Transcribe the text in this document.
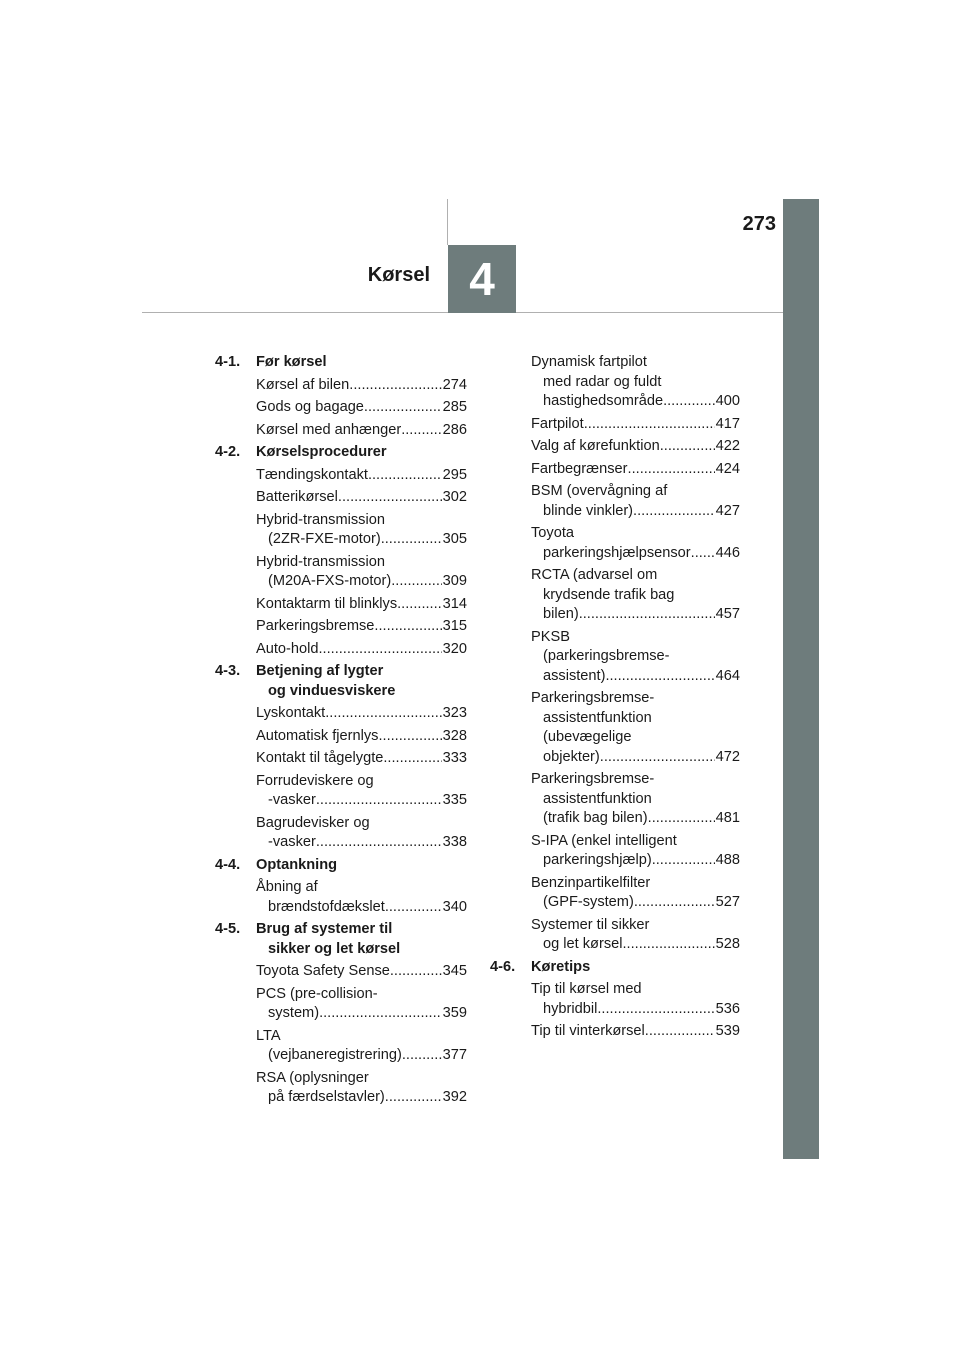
273
Kørsel 4
4-1.	Før kørsel
Kørsel af bilen .....	274
Gods og bagage .....	285
Kørsel med anhænger .....	286
4-2.	Kørselsprocedurer
Tændingskontakt .....	295
Batterikørsel .....	302
Hybrid-transmission
(2ZR-FXE-motor) .....	305
Hybrid-transmission
(M20A-FXS-motor) .....	309
Kontaktarm til blinklys .....	314
Parkeringsbremse .....	315
Auto-hold .....	320
4-3.	Betjening af lygter
og vinduesviskere
Lyskontakt .....	323
Automatisk fjernlys .....	328
Kontakt til tågelygte .....	333
Forrudeviskere og
-vasker .....	335
Bagrudevisker og
-vasker .....	338
4-4.	Optankning
Åbning af
brændstofdækslet .....	340
4-5.	Brug af systemer til
sikker og let kørsel
Toyota Safety Sense .....	345
PCS (pre-collision-
system) .....	359
LTA
(vejbaneregistrering) .....	377
RSA (oplysninger
på færdselstavler) .....	392
Dynamisk fartpilot
med radar og fuldt
hastighedsområde .....	400
Fartpilot .....	417
Valg af kørefunktion .....	422
Fartbegrænser .....	424
BSM (overvågning af
blinde vinkler) .....	427
Toyota
parkeringshjælpsensor ..... 446
RCTA (advarsel om
krydsende trafik bag
bilen) .....	457
PKSB
(parkeringsbremse-
assistent) .....	464
Parkeringsbremse-
assistentfunktion
(ubevægelige
objekter) .....	472
Parkeringsbremse-
assistentfunktion
(trafik bag bilen) .....	481
S-IPA (enkel intelligent
parkeringshjælp) .....	488
Benzinpartikelfilter
(GPF-system) .....	527
Systemer til sikker
og let kørsel .....	528
4-6.	Køretips
Tip til kørsel med
hybridbil .....	536
Tip til vinterkørsel .....	539
